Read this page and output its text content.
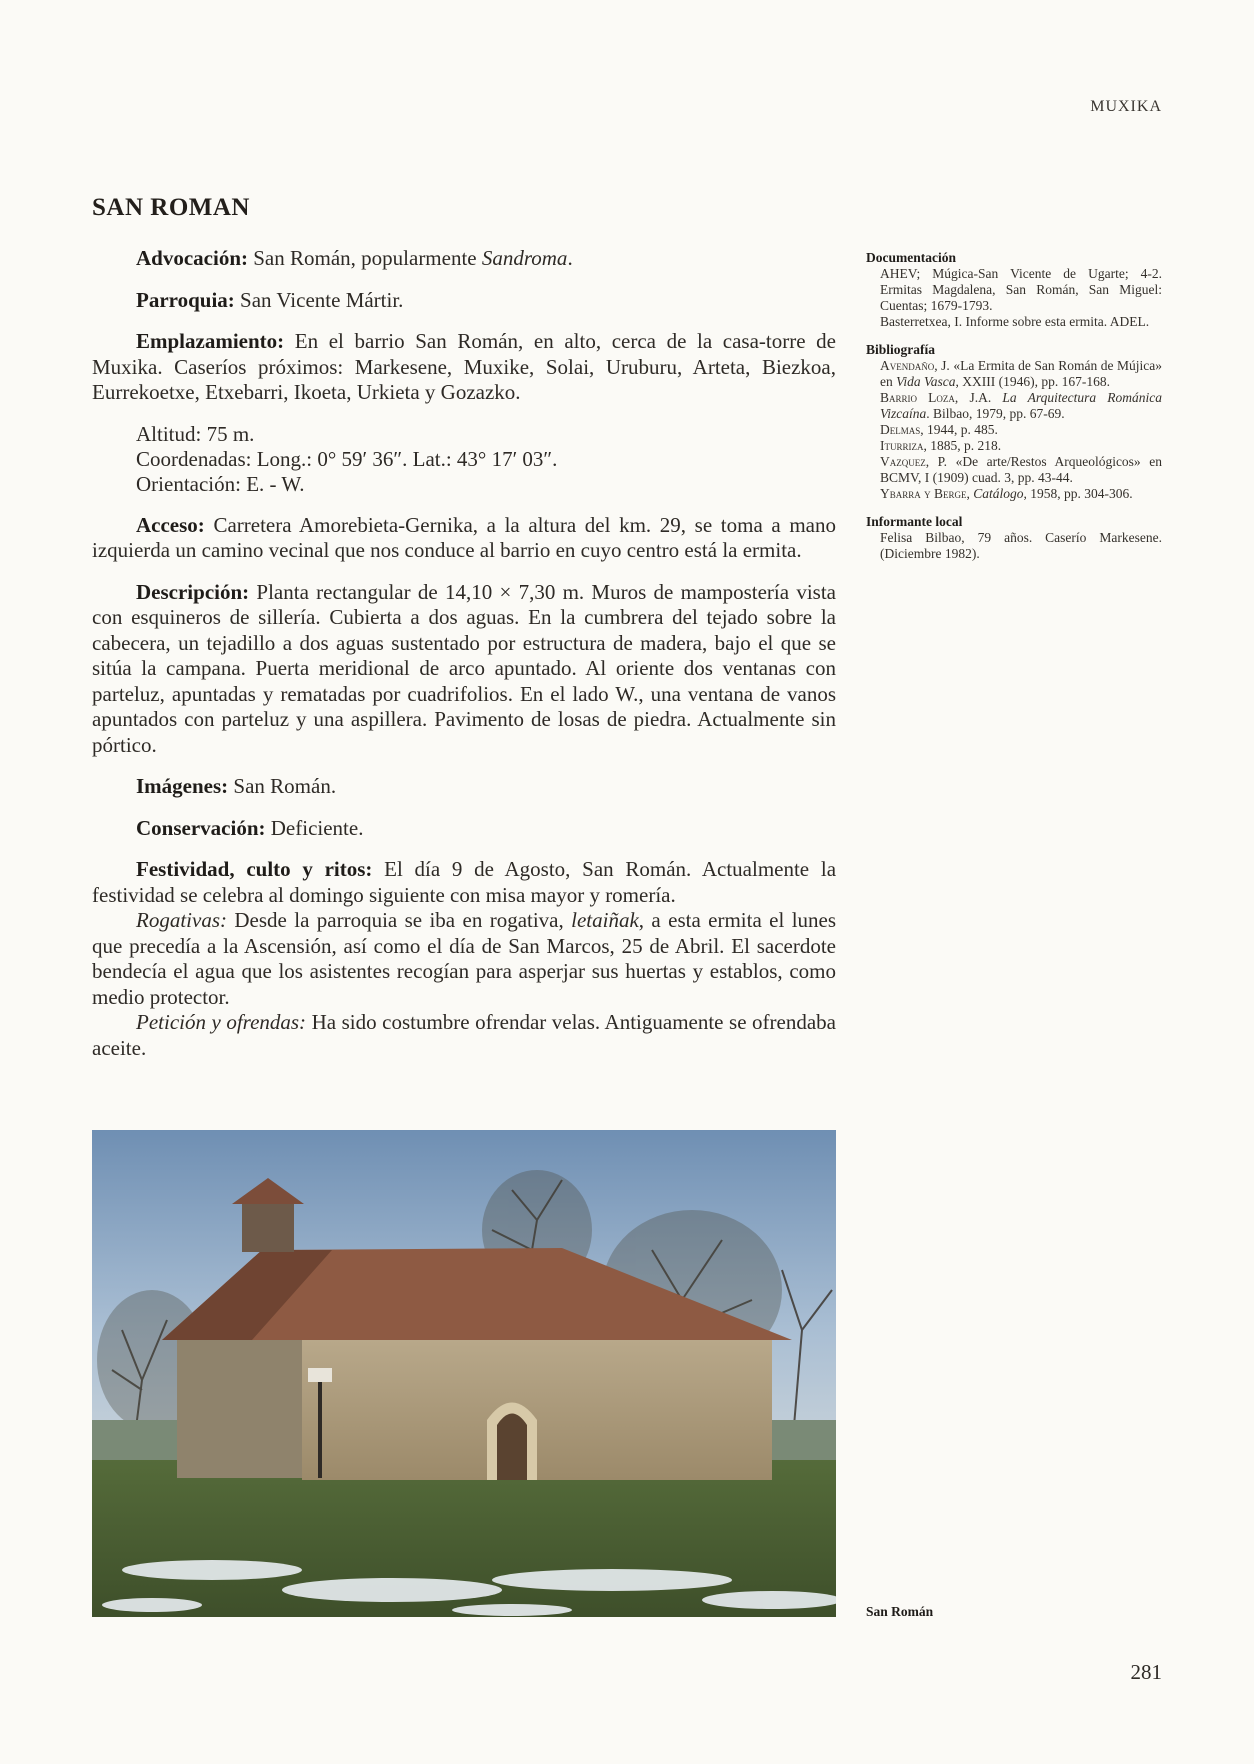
MUXIKA
SAN ROMAN

Advocación: San Román, popularmente Sandroma.

Parroquia: San Vicente Mártir.

Emplazamiento: En el barrio San Román, en alto, cerca de la casa-torre de Muxika. Caseríos próximos: Markesene, Muxike, Solai, Uruburu, Arteta, Biezkoa, Eurrekoetxe, Etxebarri, Ikoeta, Urkieta y Gozazko.

Altitud: 75 m.
Coordenadas: Long.: 0° 59′ 36″. Lat.: 43° 17′ 03″.
Orientación: E. - W.

Acceso: Carretera Amorebieta-Gernika, a la altura del km. 29, se toma a mano izquierda un camino vecinal que nos conduce al barrio en cuyo centro está la ermita.

Descripción: Planta rectangular de 14,10 × 7,30 m. Muros de mampostería vista con esquineros de sillería. Cubierta a dos aguas. En la cumbrera del tejado sobre la cabecera, un tejadillo a dos aguas sustentado por estructura de madera, bajo el que se sitúa la campana. Puerta meridional de arco apuntado. Al oriente dos ventanas con parteluz, apuntadas y rematadas por cuadrifolios. En el lado W., una ventana de vanos apuntados con parteluz y una aspillera. Pavimento de losas de piedra. Actualmente sin pórtico.

Imágenes: San Román.

Conservación: Deficiente.

Festividad, culto y ritos: El día 9 de Agosto, San Román. Actualmente la festividad se celebra al domingo siguiente con misa mayor y romería.

Rogativas: Desde la parroquia se iba en rogativa, letaiñak, a esta ermita el lunes que precedía a la Ascensión, así como el día de San Marcos, 25 de Abril. El sacerdote bendecía el agua que los asistentes recogían para asperjar sus huertas y establos, como medio protector.

Petición y ofrendas: Ha sido costumbre ofrendar velas. Antiguamente se ofrendaba aceite.

Documentación
AHEV; Múgica-San Vicente de Ugarte; 4-2. Ermitas Magdalena, San Román, San Miguel: Cuentas; 1679-1793.
Basterretxea, I. Informe sobre esta ermita. ADEL.
Bibliografía
Avendaño, J. «La Ermita de San Román de Mújica» en Vida Vasca, XXIII (1946), pp. 167-168.
Barrio Loza, J.A. La Arquitectura Románica Vizcaína. Bilbao, 1979, pp. 67-69.
Delmas, 1944, p. 485.
Iturriza, 1885, p. 218.
Vazquez, P. «De arte/Restos Arqueológicos» en BCMV, I (1909) cuad. 3, pp. 43-44.
Ybarra y Berge, Catálogo, 1958, pp. 304-306.
Informante local
Felisa Bilbao, 79 años. Caserío Markesene. (Diciembre 1982).
San Román
281
